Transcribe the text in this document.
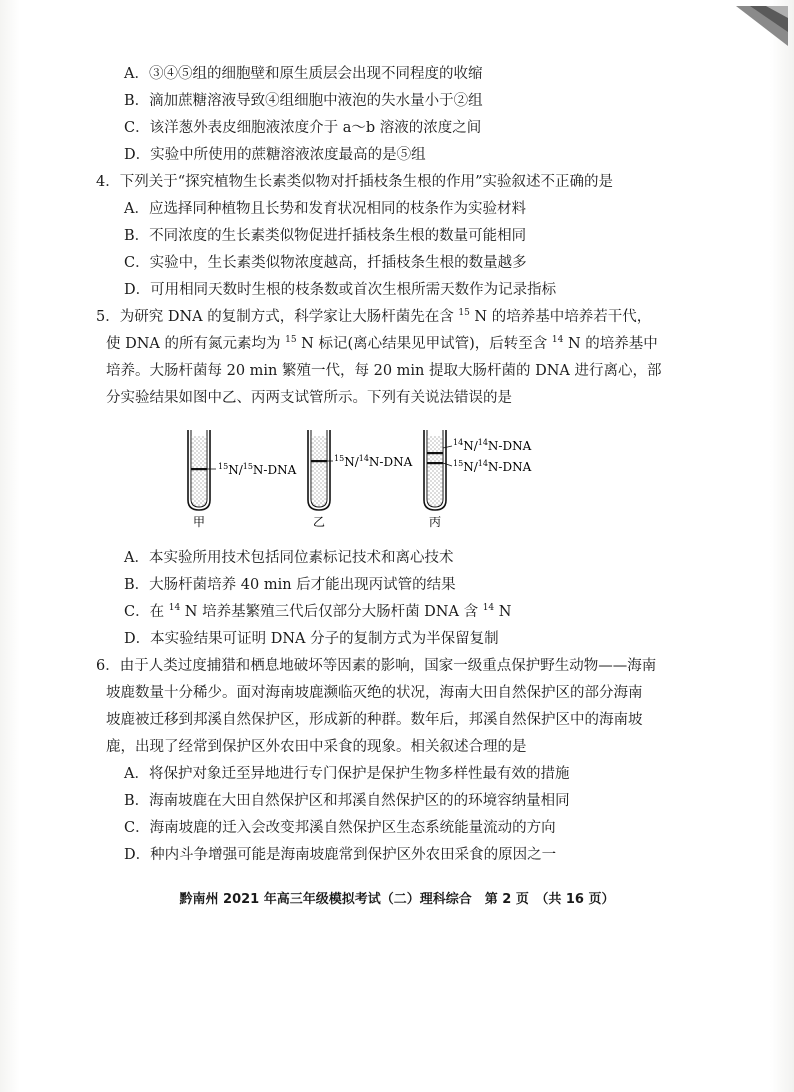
A．③④⑤组的细胞壁和原生质层会出现不同程度的收缩
B．滴加蔗糖溶液导致④组细胞中液泡的失水量小于②组
C．该洋葱外表皮细胞液浓度介于 a～b 溶液的浓度之间
D．实验中所使用的蔗糖溶液浓度最高的是⑤组
4．下列关于“探究植物生长素类似物对扦插枝条生根的作用”实验叙述不正确的是
A．应选择同种植物且长势和发育状况相同的枝条作为实验材料
B．不同浓度的生长素类似物促进扦插枝条生根的数量可能相同
C．实验中，生长素类似物浓度越高，扦插枝条生根的数量越多
D．可用相同天数时生根的枝条数或首次生根所需天数作为记录指标
5．为研究 DNA 的复制方式，科学家让大肠杆菌先在含 $^{15}$ N 的培养基中培养若干代，
使 DNA 的所有氮元素均为 $^{15}$ N 标记(离心结果见甲试管)，后转至含 $^{14}$ N 的培养基中
培养。大肠杆菌每 20 min 繁殖一代，每 20 min 提取大肠杆菌的 DNA 进行离心，部
分实验结果如图中乙、丙两支试管所示。下列有关说法错误的是
$^{15}$N/$^{15}$N-DNA
甲
$^{15}$N/$^{14}$N-DNA
乙
$^{14}$N/$^{14}$N-DNA
$^{15}$N/$^{14}$N-DNA
丙
A．本实验所用技术包括同位素标记技术和离心技术
B．大肠杆菌培养 40 min 后才能出现丙试管的结果
C．在 $^{14}$ N 培养基繁殖三代后仅部分大肠杆菌 DNA 含 $^{14}$ N
D．本实验结果可证明 DNA 分子的复制方式为半保留复制
6．由于人类过度捕猎和栖息地破坏等因素的影响，国家一级重点保护野生动物——海南
坡鹿数量十分稀少。面对海南坡鹿濒临灭绝的状况，海南大田自然保护区的部分海南
坡鹿被迁移到邦溪自然保护区，形成新的种群。数年后，邦溪自然保护区中的海南坡
鹿，出现了经常到保护区外农田中采食的现象。相关叙述合理的是
A．将保护对象迁至异地进行专门保护是保护生物多样性最有效的措施
B．海南坡鹿在大田自然保护区和邦溪自然保护区的的环境容纳量相同
C．海南坡鹿的迁入会改变邦溪自然保护区生态系统能量流动的方向
D．种内斗争增强可能是海南坡鹿常到保护区外农田采食的原因之一
黔南州 2021 年高三年级模拟考试（二）理科综合　第 2 页　（共 16 页）
